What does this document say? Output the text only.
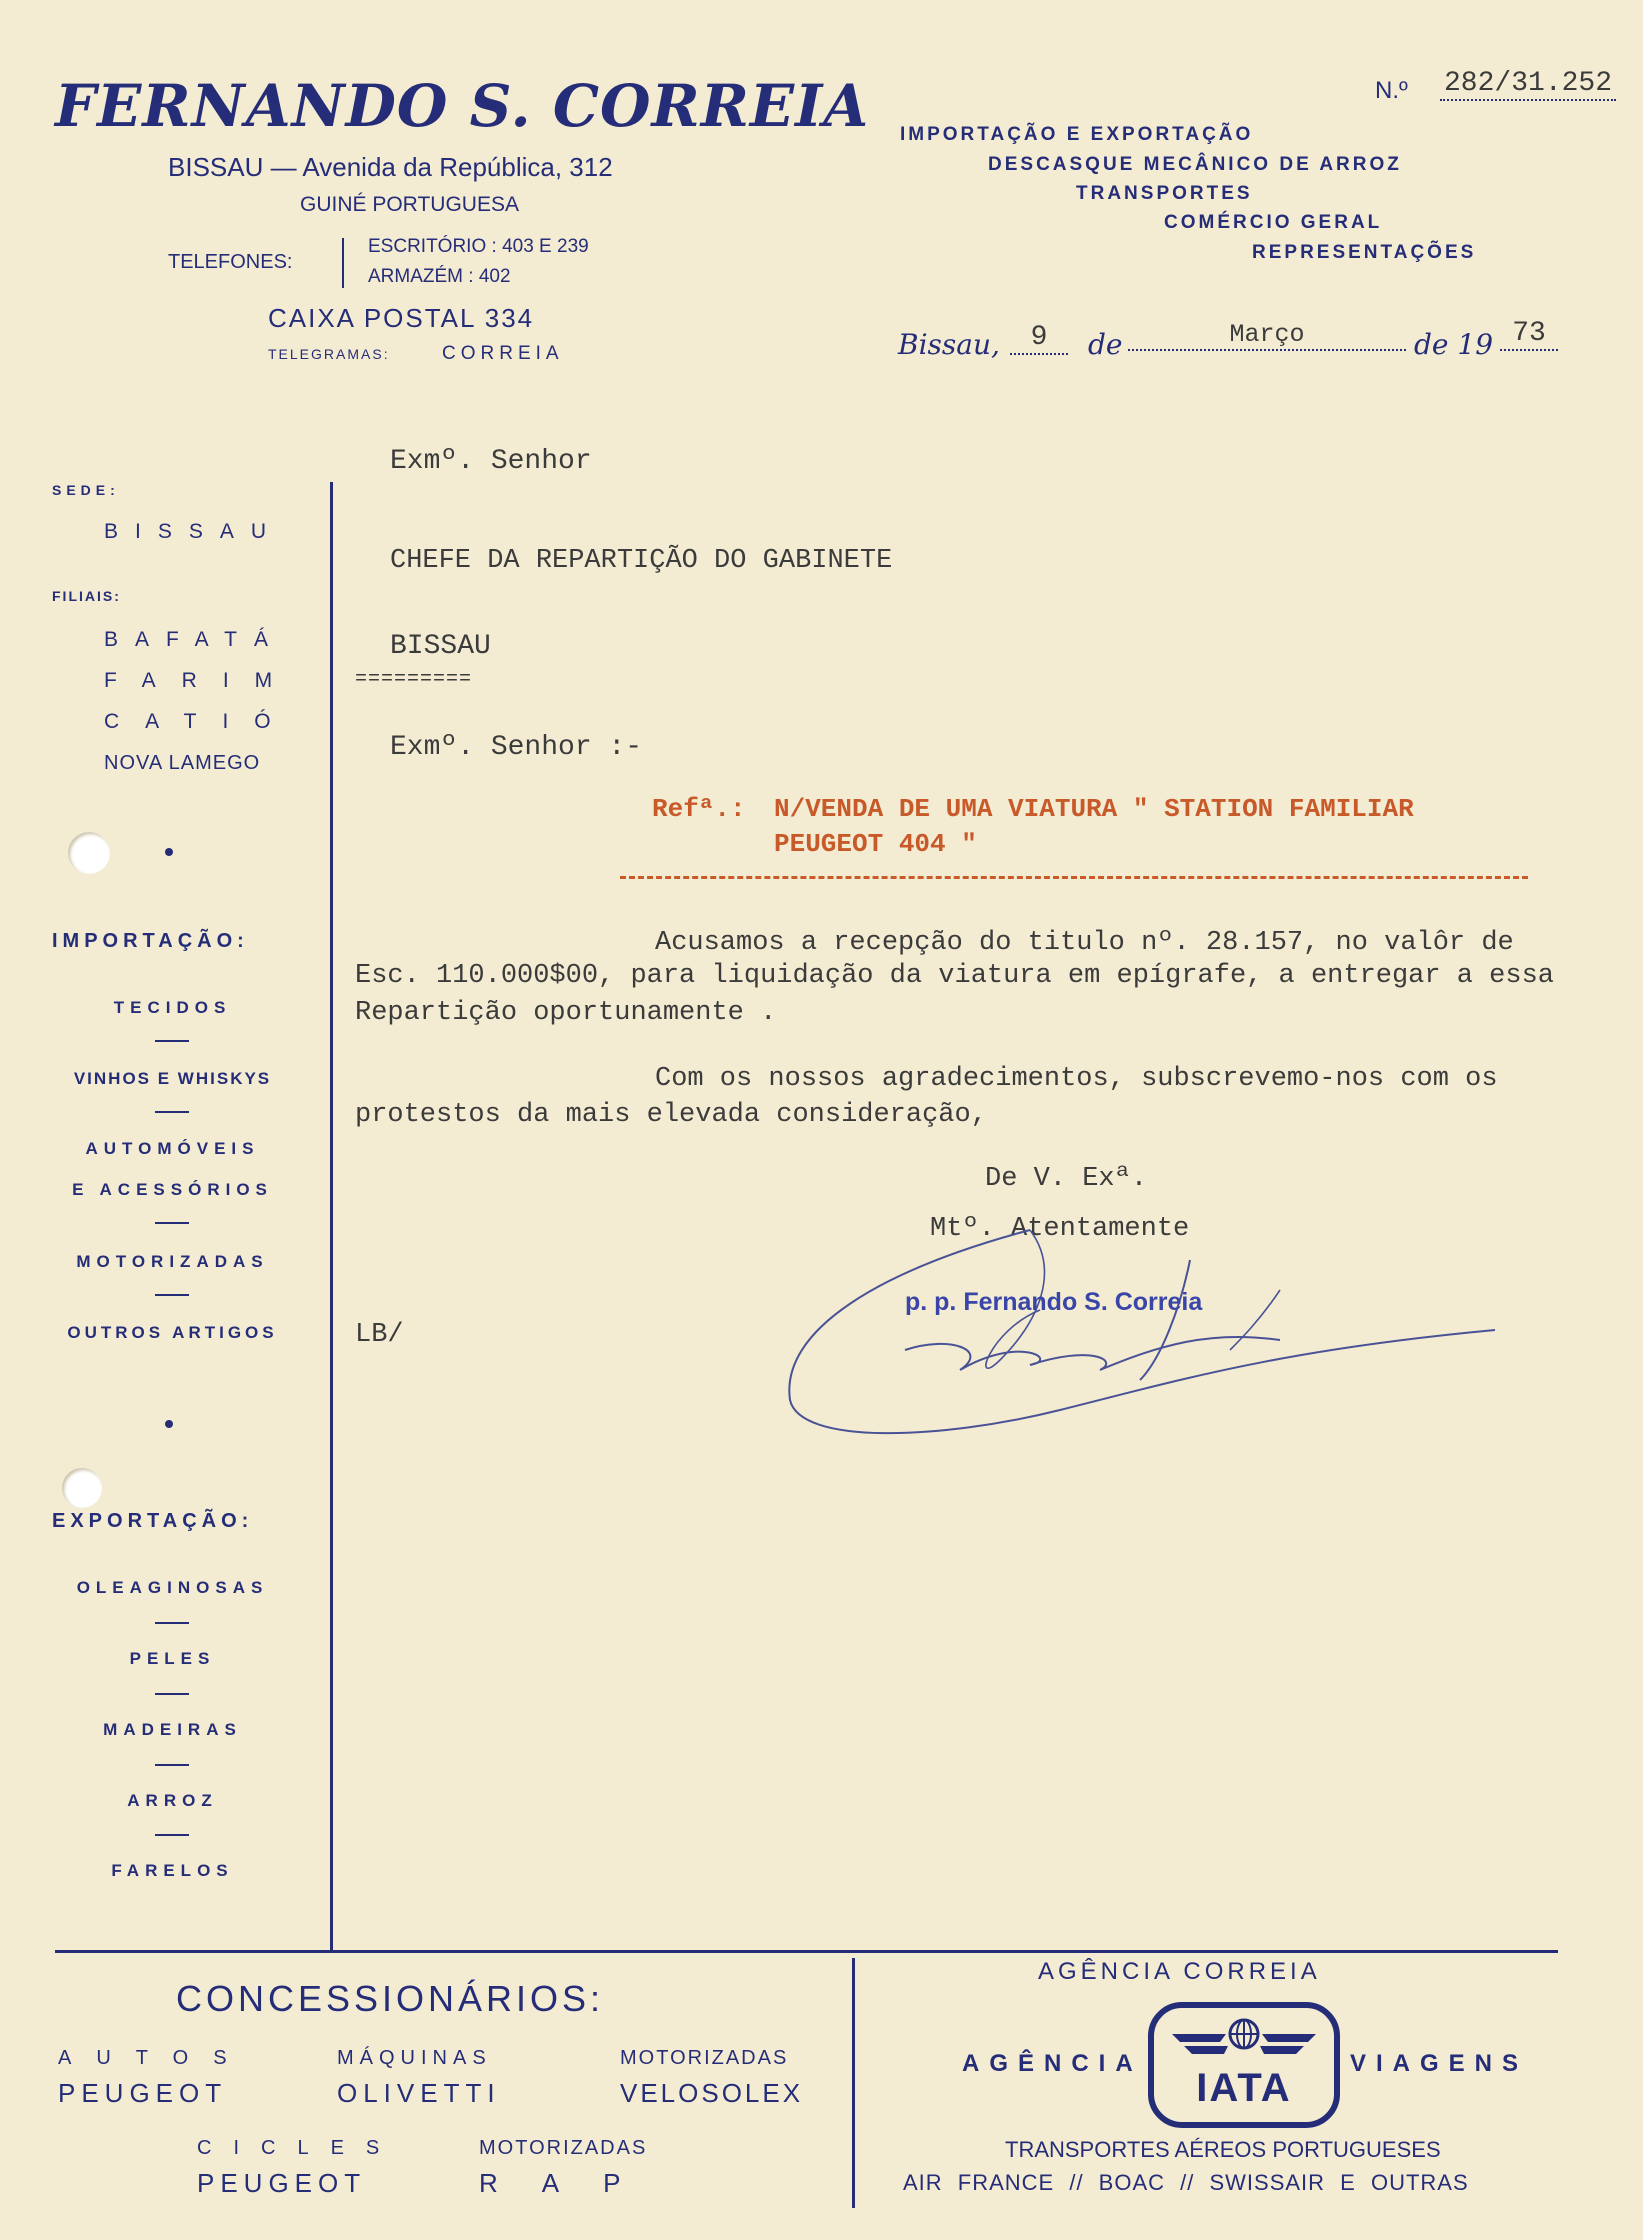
FERNANDO S. CORREIA
BISSAU — Avenida da República, 312
GUINÉ PORTUGUESA
TELEFONES:
ESCRITÓRIO : 403 E 239
ARMAZÉM : 402
CAIXA POSTAL 334
TELEGRAMAS:	CORREIA
IMPORTAÇÃO E EXPORTAÇÃO
DESCASQUE MECÂNICO DE ARROZ
TRANSPORTES
COMÉRCIO GERAL
REPRESENTAÇÕES
N.º 282/31.252
Bissau,	9	de	Março	de 19 73
SEDE:
BISSAU
FILIAIS:
BAFATÁ
FARIM
CATIÓ
NOVA LAMEGO
IMPORTAÇÃO:
TECIDOS
VINHOS E WHISKYS
AUTOMÓVEIS
E ACESSÓRIOS
MOTORIZADAS
OUTROS ARTIGOS
EXPORTAÇÃO:
OLEAGINOSAS
PELES
MADEIRAS
ARROZ
FARELOS
Exmº. Senhor
CHEFE DA REPARTIÇÃO DO GABINETE
BISSAU
=========
Exmº. Senhor :-
Refª.: N/VENDA DE UMA VIATURA " STATION FAMILIAR
PEUGEOT 404 "
Acusamos a recepção do titulo nº. 28.157, no valôr de
Esc. 110.000$00, para liquidação da viatura em epígrafe, a entregar a essa
Repartição oportunamente .
Com os nossos agradecimentos, subscrevemo-nos com os
protestos da mais elevada consideração,
De V. Exª.
Mtº. Atentamente
LB/
p. p. Fernando S. Correia
CONCESSIONÁRIOS:
AUTOS
PEUGEOT
MÁQUINAS
OLIVETTI
MOTORIZADAS
VELOSOLEX
CICLES
PEUGEOT
MOTORIZADAS
RAP
AGÊNCIA CORREIA
AGÊNCIA	VIAGENS
IATA
TRANSPORTES AÉREOS PORTUGUESES
AIR FRANCE // BOAC // SWISSAIR E OUTRAS
